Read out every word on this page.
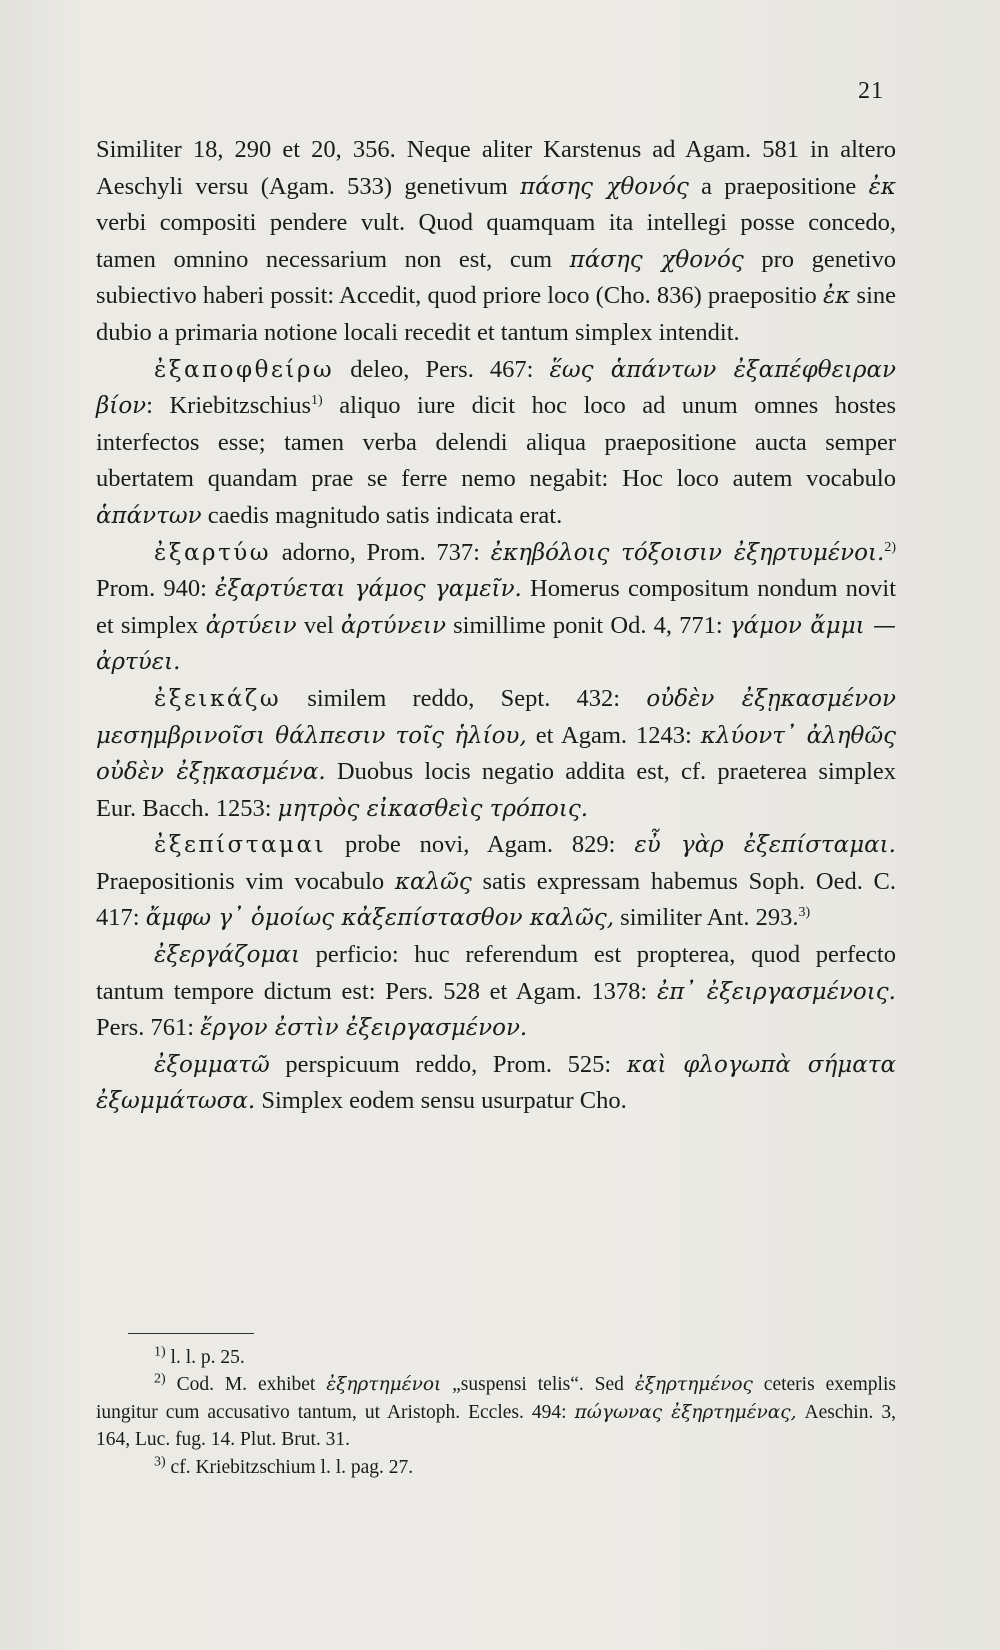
21

Similiter 18, 290 et 20, 356. Neque aliter Karstenus ad Agam. 581 in altero Aeschyli versu (Agam. 533) genetivum πάσης χθονός a praepositione ἐκ verbi compositi pendere vult. Quod quamquam ita intellegi posse concedo, tamen omnino necessarium non est, cum πάσης χθονός pro genetivo subiectivo haberi possit: Accedit, quod priore loco (Cho. 836) praepositio ἐκ sine dubio a primaria notione locali recedit et tantum simplex intendit.

ἐξαποφθείρω deleo, Pers. 467: ἕως ἁπάντων ἐξαπέφθειραν βίον: Kriebitzschius$^{1)}$ aliquo iure dicit hoc loco ad unum omnes hostes interfectos esse; tamen verba delendi aliqua praepositione aucta semper ubertatem quandam prae se ferre nemo negabit: Hoc loco autem vocabulo ἁπάντων caedis magnitudo satis indicata erat.

ἐξαρτύω adorno, Prom. 737: ἐκηβόλοις τόξοισιν ἐξηρτυμένοι.$^{2)}$ Prom. 940: ἐξαρτύεται γάμος γαμεῖν. Homerus compositum nondum novit et simplex ἀρτύειν vel ἀρτύνειν simillime ponit Od. 4, 771: γάμον ἄμμι — ἀρτύει.

ἐξεικάζω similem reddo, Sept. 432: οὐδὲν ἐξῃκασμένον μεσημβρινοῖσι θάλπεσιν τοῖς ἡλίου, et Agam. 1243: κλύοντ᾽ ἀληθῶς οὐδὲν ἐξῃκασμένα. Duobus locis negatio addita est, cf. praeterea simplex Eur. Bacch. 1253: μητρὸς εἰκασθεὶς τρόποις.

ἐξεπίσταμαι probe novi, Agam. 829: εὖ γὰρ ἐξεπίσταμαι. Praepositionis vim vocabulo καλῶς satis expressam habemus Soph. Oed. C. 417: ἄμφω γ᾽ ὁμοίως κἀξεπίστασθον καλῶς, similiter Ant. 293.$^{3)}$

ἐξεργάζομαι perficio: huc referendum est propterea, quod perfecto tantum tempore dictum est: Pers. 528 et Agam. 1378: ἐπ᾽ ἐξειργασμένοις. Pers. 761: ἔργον ἐστὶν ἐξειργασμένον.

ἐξομματῶ perspicuum reddo, Prom. 525: καὶ φλογωπὰ σήματα ἐξωμμάτωσα. Simplex eodem sensu usurpatur Cho.

$^{1)}$ l. l. p. 25.

$^{2)}$ Cod. M. exhibet ἐξηρτημένοι „suspensi telis“. Sed ἐξηρτημένος ceteris exemplis iungitur cum accusativo tantum, ut Aristoph. Eccles. 494: πώγωνας ἐξηρτημένας, Aeschin. 3, 164, Luc. fug. 14. Plut. Brut. 31.

$^{3)}$ cf. Kriebitzschium l. l. pag. 27.
